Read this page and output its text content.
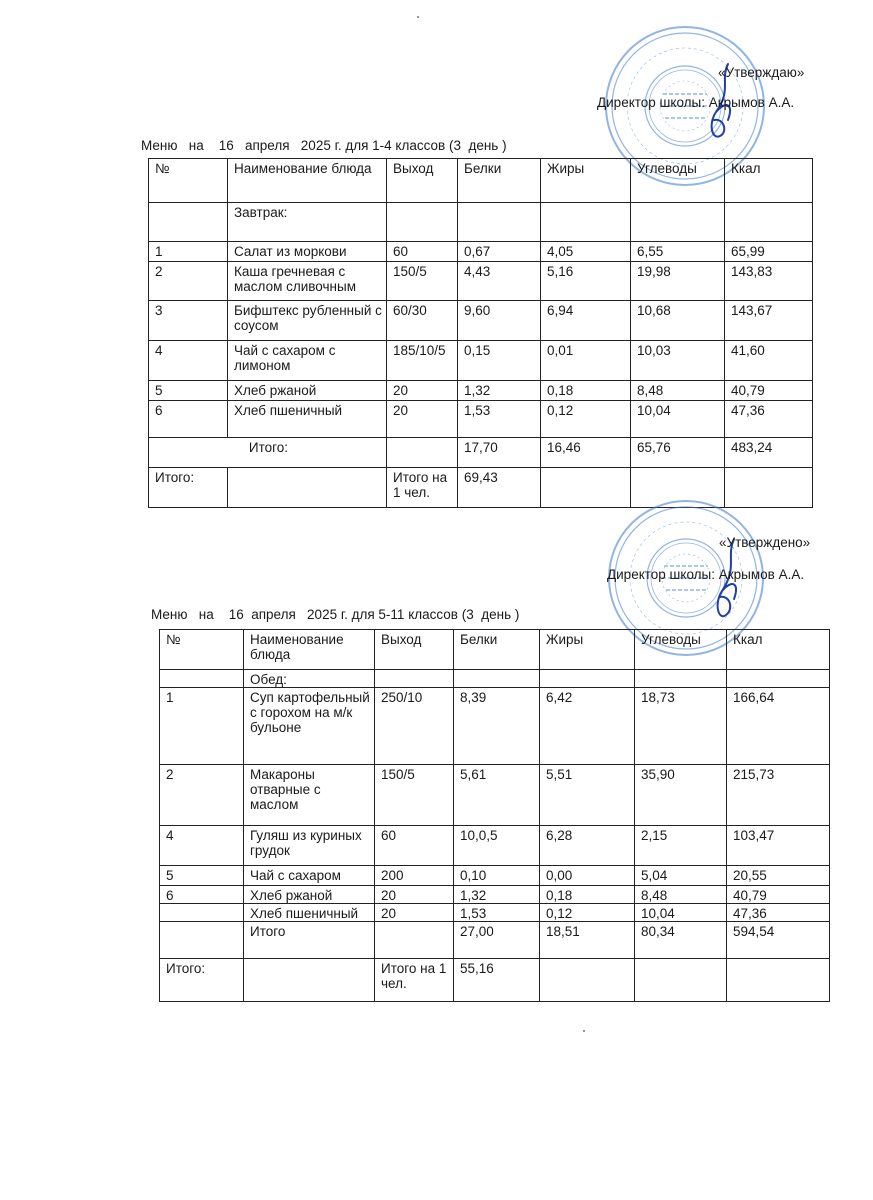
«Утверждаю»
Директор школы: Акрымов А.А.
Меню   на    16   апреля   2025 г. для 1-4 классов (3  день )
№	Наименование блюда	Выход	Белки	Жиры	Углеводы	Ккал
	Завтрак:					
1	Салат из моркови	60	0,67	4,05	6,55	65,99
2	Каша гречневая с маслом сливочным	150/5	4,43	5,16	19,98	143,83
3	Бифштекс рубленный с соусом	60/30	9,60	6,94	10,68	143,67
4	Чай с сахаром с лимоном	185/10/5	0,15	0,01	10,03	41,60
5	Хлеб ржаной	20	1,32	0,18	8,48	40,79
6	Хлеб пшеничный	20	1,53	0,12	10,04	47,36
Итого:			17,70	16,46	65,76	483,24
Итого:		Итого на 1 чел.	69,43			
«Утверждено»
Директор школы: Акрымов А.А.
Меню   на    16  апреля   2025 г. для 5-11 классов (3  день )
№	Наименование блюда	Выход	Белки	Жиры	Углеводы	Ккал
	Обед:					
1	Суп картофельный с горохом на м/к бульоне	250/10	8,39	6,42	18,73	166,64
2	Макароны отварные с маслом	150/5	5,61	5,51	35,90	215,73
4	Гуляш из куриных грудок	60	10,0,5	6,28	2,15	103,47
5	Чай с сахаром	200	0,10	0,00	5,04	20,55
6	Хлеб ржаной	20	1,32	0,18	8,48	40,79
	Хлеб пшеничный	20	1,53	0,12	10,04	47,36
	Итого		27,00	18,51	80,34	594,54
Итого:		Итого на 1 чел.	55,16			
